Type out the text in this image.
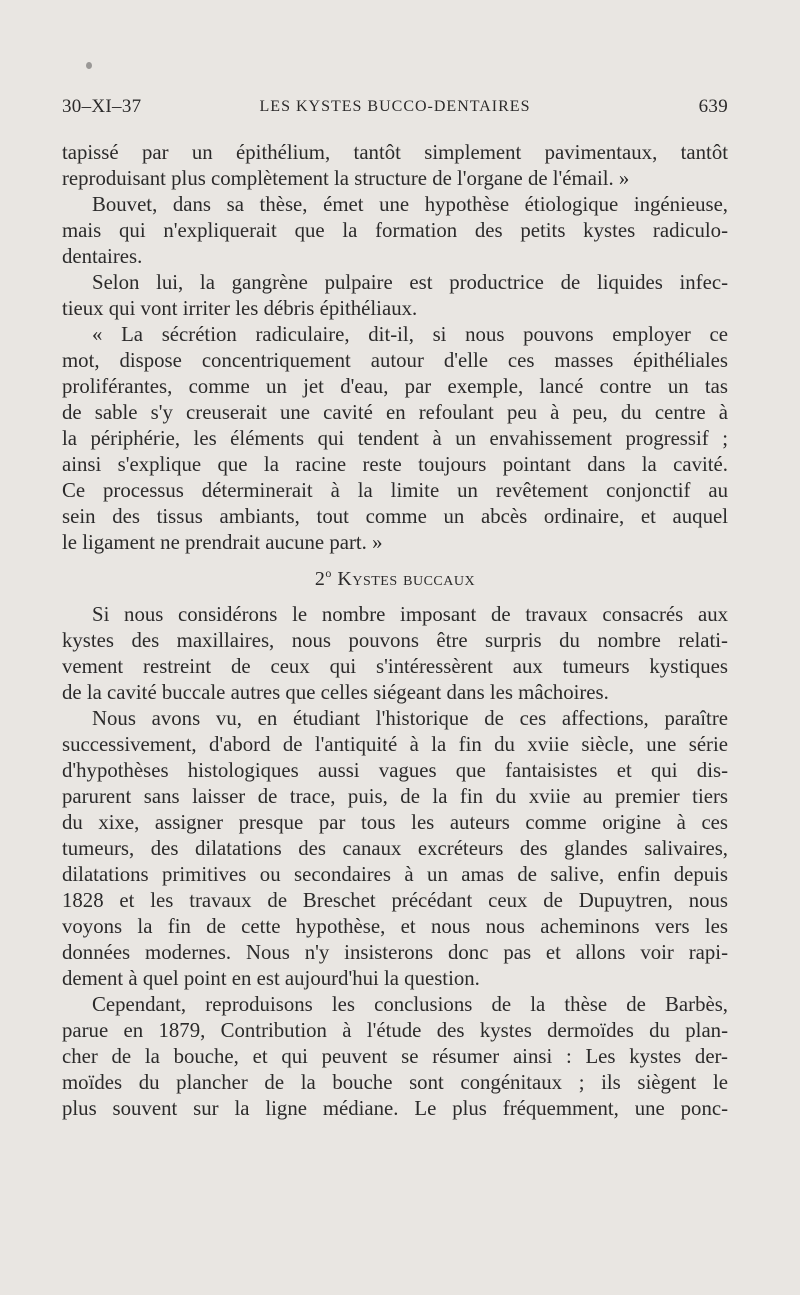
30–XI–37	LES KYSTES BUCCO-DENTAIRES	639
tapissé par un épithélium, tantôt simplement pavimentaux, tantôt
reproduisant plus complètement la structure de l'organe de l'émail. »
Bouvet, dans sa thèse, émet une hypothèse étiologique ingénieuse,
mais qui n'expliquerait que la formation des petits kystes radiculo-
dentaires.
Selon lui, la gangrène pulpaire est productrice de liquides infec-
tieux qui vont irriter les débris épithéliaux.
« La sécrétion radiculaire, dit-il, si nous pouvons employer ce
mot, dispose concentriquement autour d'elle ces masses épithéliales
proliférantes, comme un jet d'eau, par exemple, lancé contre un tas
de sable s'y creuserait une cavité en refoulant peu à peu, du centre à
la périphérie, les éléments qui tendent à un envahissement progressif ;
ainsi s'explique que la racine reste toujours pointant dans la cavité.
Ce processus déterminerait à la limite un revêtement conjonctif au
sein des tissus ambiants, tout comme un abcès ordinaire, et auquel
le ligament ne prendrait aucune part. »
2$^o$ Kystes buccaux
Si nous considérons le nombre imposant de travaux consacrés aux
kystes des maxillaires, nous pouvons être surpris du nombre relati-
vement restreint de ceux qui s'intéressèrent aux tumeurs kystiques
de la cavité buccale autres que celles siégeant dans les mâchoires.
Nous avons vu, en étudiant l'historique de ces affections, paraître
successivement, d'abord de l'antiquité à la fin du xviie siècle, une série
d'hypothèses histologiques aussi vagues que fantaisistes et qui dis-
parurent sans laisser de trace, puis, de la fin du xviie au premier tiers
du xixe, assigner presque par tous les auteurs comme origine à ces
tumeurs, des dilatations des canaux excréteurs des glandes salivaires,
dilatations primitives ou secondaires à un amas de salive, enfin depuis
1828 et les travaux de Breschet précédant ceux de Dupuytren, nous
voyons la fin de cette hypothèse, et nous nous acheminons vers les
données modernes. Nous n'y insisterons donc pas et allons voir rapi-
dement à quel point en est aujourd'hui la question.
Cependant, reproduisons les conclusions de la thèse de Barbès,
parue en 1879, Contribution à l'étude des kystes dermoïdes du plan-
cher de la bouche, et qui peuvent se résumer ainsi : Les kystes der-
moïdes du plancher de la bouche sont congénitaux ; ils siègent le
plus souvent sur la ligne médiane. Le plus fréquemment, une ponc-
